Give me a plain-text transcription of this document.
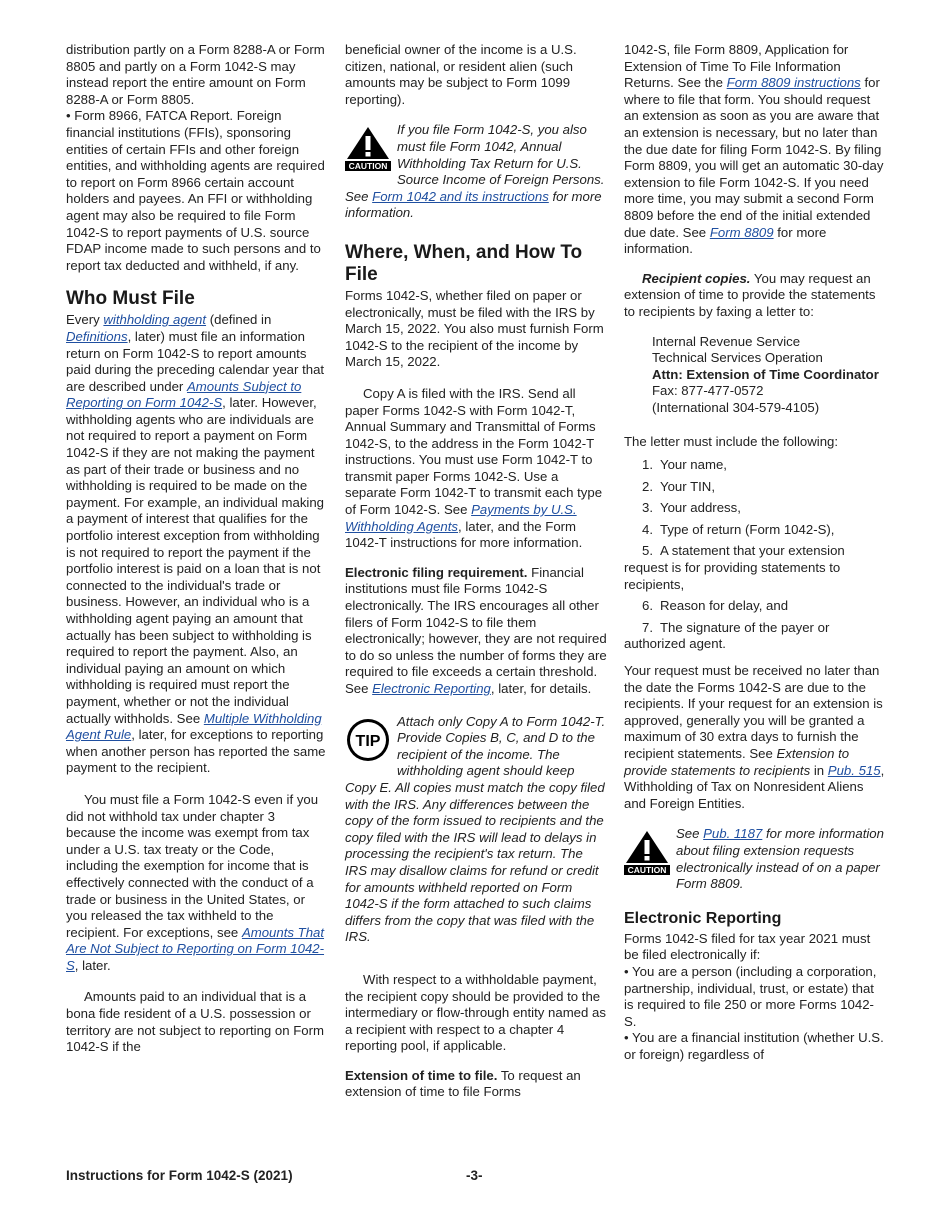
distribution partly on a Form 8288-A or Form 8805 and partly on a Form 1042-S may instead report the entire amount on Form 8288-A or Form 8805.

• Form 8966, FATCA Report. Foreign financial institutions (FFIs), sponsoring entities of certain FFIs and other foreign entities, and withholding agents are required to report on Form 8966 certain account holders and payees. An FFI or withholding agent may also be required to file Form 1042-S to report payments of U.S. source FDAP income made to such persons and to report tax deducted and withheld, if any.

Who Must File

Every withholding agent (defined in Definitions, later) must file an information return on Form 1042-S to report amounts paid during the preceding calendar year that are described under Amounts Subject to Reporting on Form 1042-S, later. However, withholding agents who are individuals are not required to report a payment on Form 1042-S if they are not making the payment as part of their trade or business and no withholding is required to be made on the payment. For example, an individual making a payment of interest that qualifies for the portfolio interest exception from withholding is not required to report the payment if the portfolio interest is paid on a loan that is not connected to the individual's trade or business. However, an individual who is a withholding agent paying an amount that actually has been subject to withholding is required to report the payment. Also, an individual paying an amount on which withholding is required must report the payment, whether or not the individual actually withholds. See Multiple Withholding Agent Rule, later, for exceptions to reporting when another person has reported the same payment to the recipient.

You must file a Form 1042-S even if you did not withhold tax under chapter 3 because the income was exempt from tax under a U.S. tax treaty or the Code, including the exemption for income that is effectively connected with the conduct of a trade or business in the United States, or you released the tax withheld to the recipient. For exceptions, see Amounts That Are Not Subject to Reporting on Form 1042-S, later.

Amounts paid to an individual that is a bona fide resident of a U.S. possession or territory are not subject to reporting on Form 1042-S if the

beneficial owner of the income is a U.S. citizen, national, or resident alien (such amounts may be subject to Form 1099 reporting).

CAUTION

If you file Form 1042-S, you also must file Form 1042, Annual Withholding Tax Return for U.S. Source Income of Foreign Persons. See Form 1042 and its instructions for more information.

Where, When, and How To File

Forms 1042-S, whether filed on paper or electronically, must be filed with the IRS by March 15, 2022. You also must furnish Form 1042-S to the recipient of the income by March 15, 2022.

Copy A is filed with the IRS. Send all paper Forms 1042-S with Form 1042-T, Annual Summary and Transmittal of Forms 1042-S, to the address in the Form 1042-T instructions. You must use Form 1042-T to transmit paper Forms 1042-S. Use a separate Form 1042-T to transmit each type of Form 1042-S. See Payments by U.S. Withholding Agents, later, and the Form 1042-T instructions for more information.

Electronic filing requirement. Financial institutions must file Forms 1042-S electronically. The IRS encourages all other filers of Form 1042-S to file them electronically; however, they are not required to do so unless the number of forms they are required to file exceeds a certain threshold. See Electronic Reporting, later, for details.

TIP

Attach only Copy A to Form 1042-T. Provide Copies B, C, and D to the recipient of the income. The withholding agent should keep Copy E. All copies must match the copy filed with the IRS. Any differences between the copy of the form issued to recipients and the copy filed with the IRS will lead to delays in processing the recipient's tax return. The IRS may disallow claims for refund or credit for amounts withheld reported on Form 1042-S if the form attached to such claims differs from the copy that was filed with the IRS.

With respect to a withholdable payment, the recipient copy should be provided to the intermediary or flow-through entity named as a recipient with respect to a chapter 4 reporting pool, if applicable.

Extension of time to file. To request an extension of time to file Forms

1042-S, file Form 8809, Application for Extension of Time To File Information Returns. See the Form 8809 instructions for where to file that form. You should request an extension as soon as you are aware that an extension is necessary, but no later than the due date for filing Form 1042-S. By filing Form 8809, you will get an automatic 30-day extension to file Form 1042-S. If you need more time, you may submit a second Form 8809 before the end of the initial extended due date. See Form 8809 for more information.

Recipient copies. You may request an extension of time to provide the statements to recipients by faxing a letter to:

Internal Revenue Service

Technical Services Operation

Attn: Extension of Time Coordinator

Fax: 877-477-0572

(International 304-579-4105)

The letter must include the following:

1. Your name,

2. Your TIN,

3. Your address,

4. Type of return (Form 1042-S),

5. A statement that your extension request is for providing statements to recipients,

6. Reason for delay, and

7. The signature of the payer or authorized agent.

Your request must be received no later than the date the Forms 1042-S are due to the recipients. If your request for an extension is approved, generally you will be granted a maximum of 30 extra days to furnish the recipient statements. See Extension to provide statements to recipients in Pub. 515, Withholding of Tax on Nonresident Aliens and Foreign Entities.

CAUTION

See Pub. 1187 for more information about filing extension requests electronically instead of on a paper Form 8809.

Electronic Reporting

Forms 1042-S filed for tax year 2021 must be filed electronically if:

• You are a person (including a corporation, partnership, individual, trust, or estate) that is required to file 250 or more Forms 1042-S.

• You are a financial institution (whether U.S. or foreign) regardless of

Instructions for Form 1042-S (2021)	-3-
